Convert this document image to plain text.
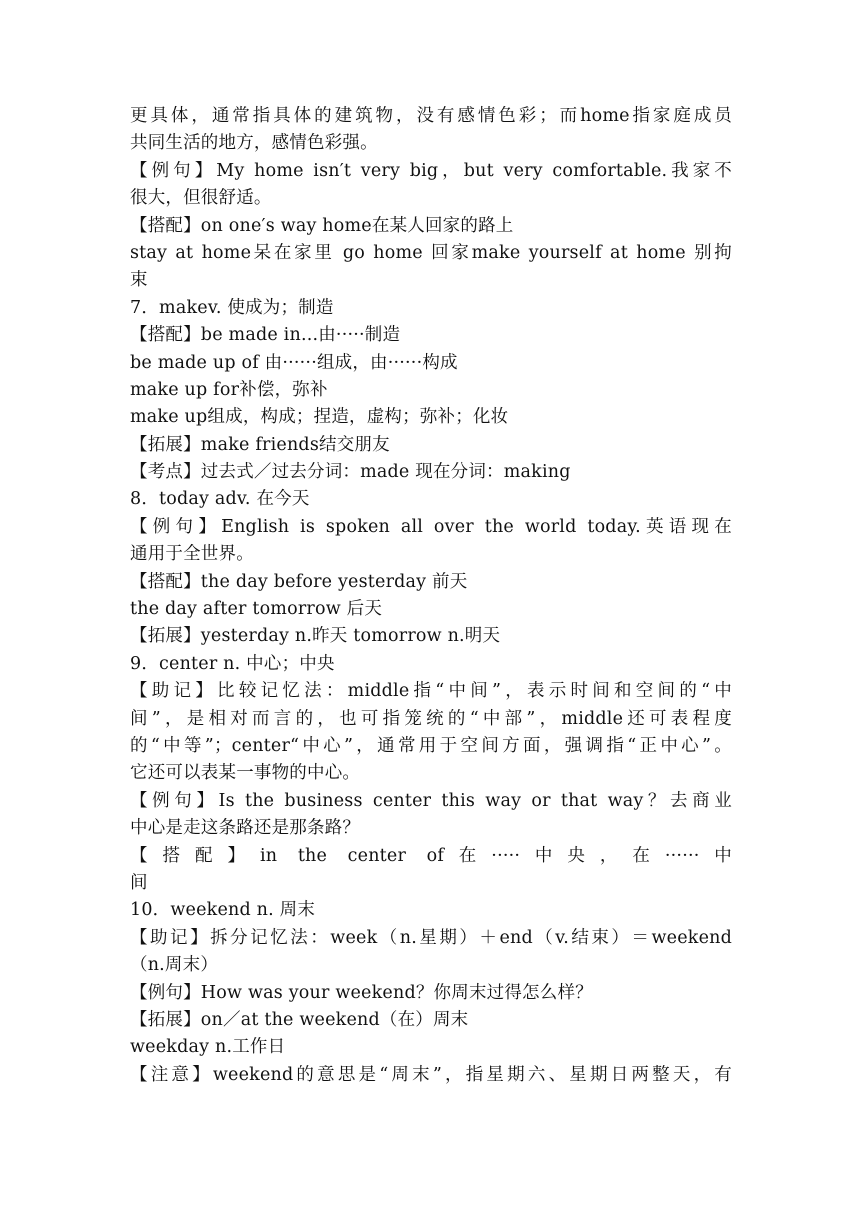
更具体，通常指具体的建筑物，没有感情色彩；而home指家庭成员
共同生活的地方，感情色彩强。
【例句】My home isn′t very big，but very comfortable.我家不
很大，但很舒适。
【搭配】on one′s way home在某人回家的路上
stay at home呆在家里 go home 回家make yourself at home 别拘
束
7．makev. 使成为；制造
【搭配】be made in...由·····制造
be made up of 由······组成，由······构成
make up for补偿，弥补
make up组成，构成；捏造，虚构；弥补；化妆
【拓展】make friends结交朋友
【考点】过去式／过去分词：made 现在分词：making
8．today adv. 在今天
【例句】English is spoken all over the world today.英语现在
通用于全世界。
【搭配】the day before yesterday 前天
the day after tomorrow 后天
【拓展】yesterday n.昨天 tomorrow n.明天
9．center n. 中心；中央
【助记】比较记忆法：middle指“中间”，表示时间和空间的“中
间”，是相对而言的，也可指笼统的“中部”，middle还可表程度
的“中等”；center“中心”，通常用于空间方面，强调指“正中心”。
它还可以表某一事物的中心。
【例句】Is the business center this way or that way？去商业
中心是走这条路还是那条路？
【搭配】in the center of在·····中央，在······中
间
10．weekend n. 周末
【助记】拆分记忆法：week（n.星期）＋end（v.结束）＝weekend
（n.周末）
【例句】How was your weekend？你周末过得怎么样？
【拓展】on／at the weekend（在）周末
weekday n.工作日
【注意】weekend的意思是“周末”，指星期六、星期日两整天，有
